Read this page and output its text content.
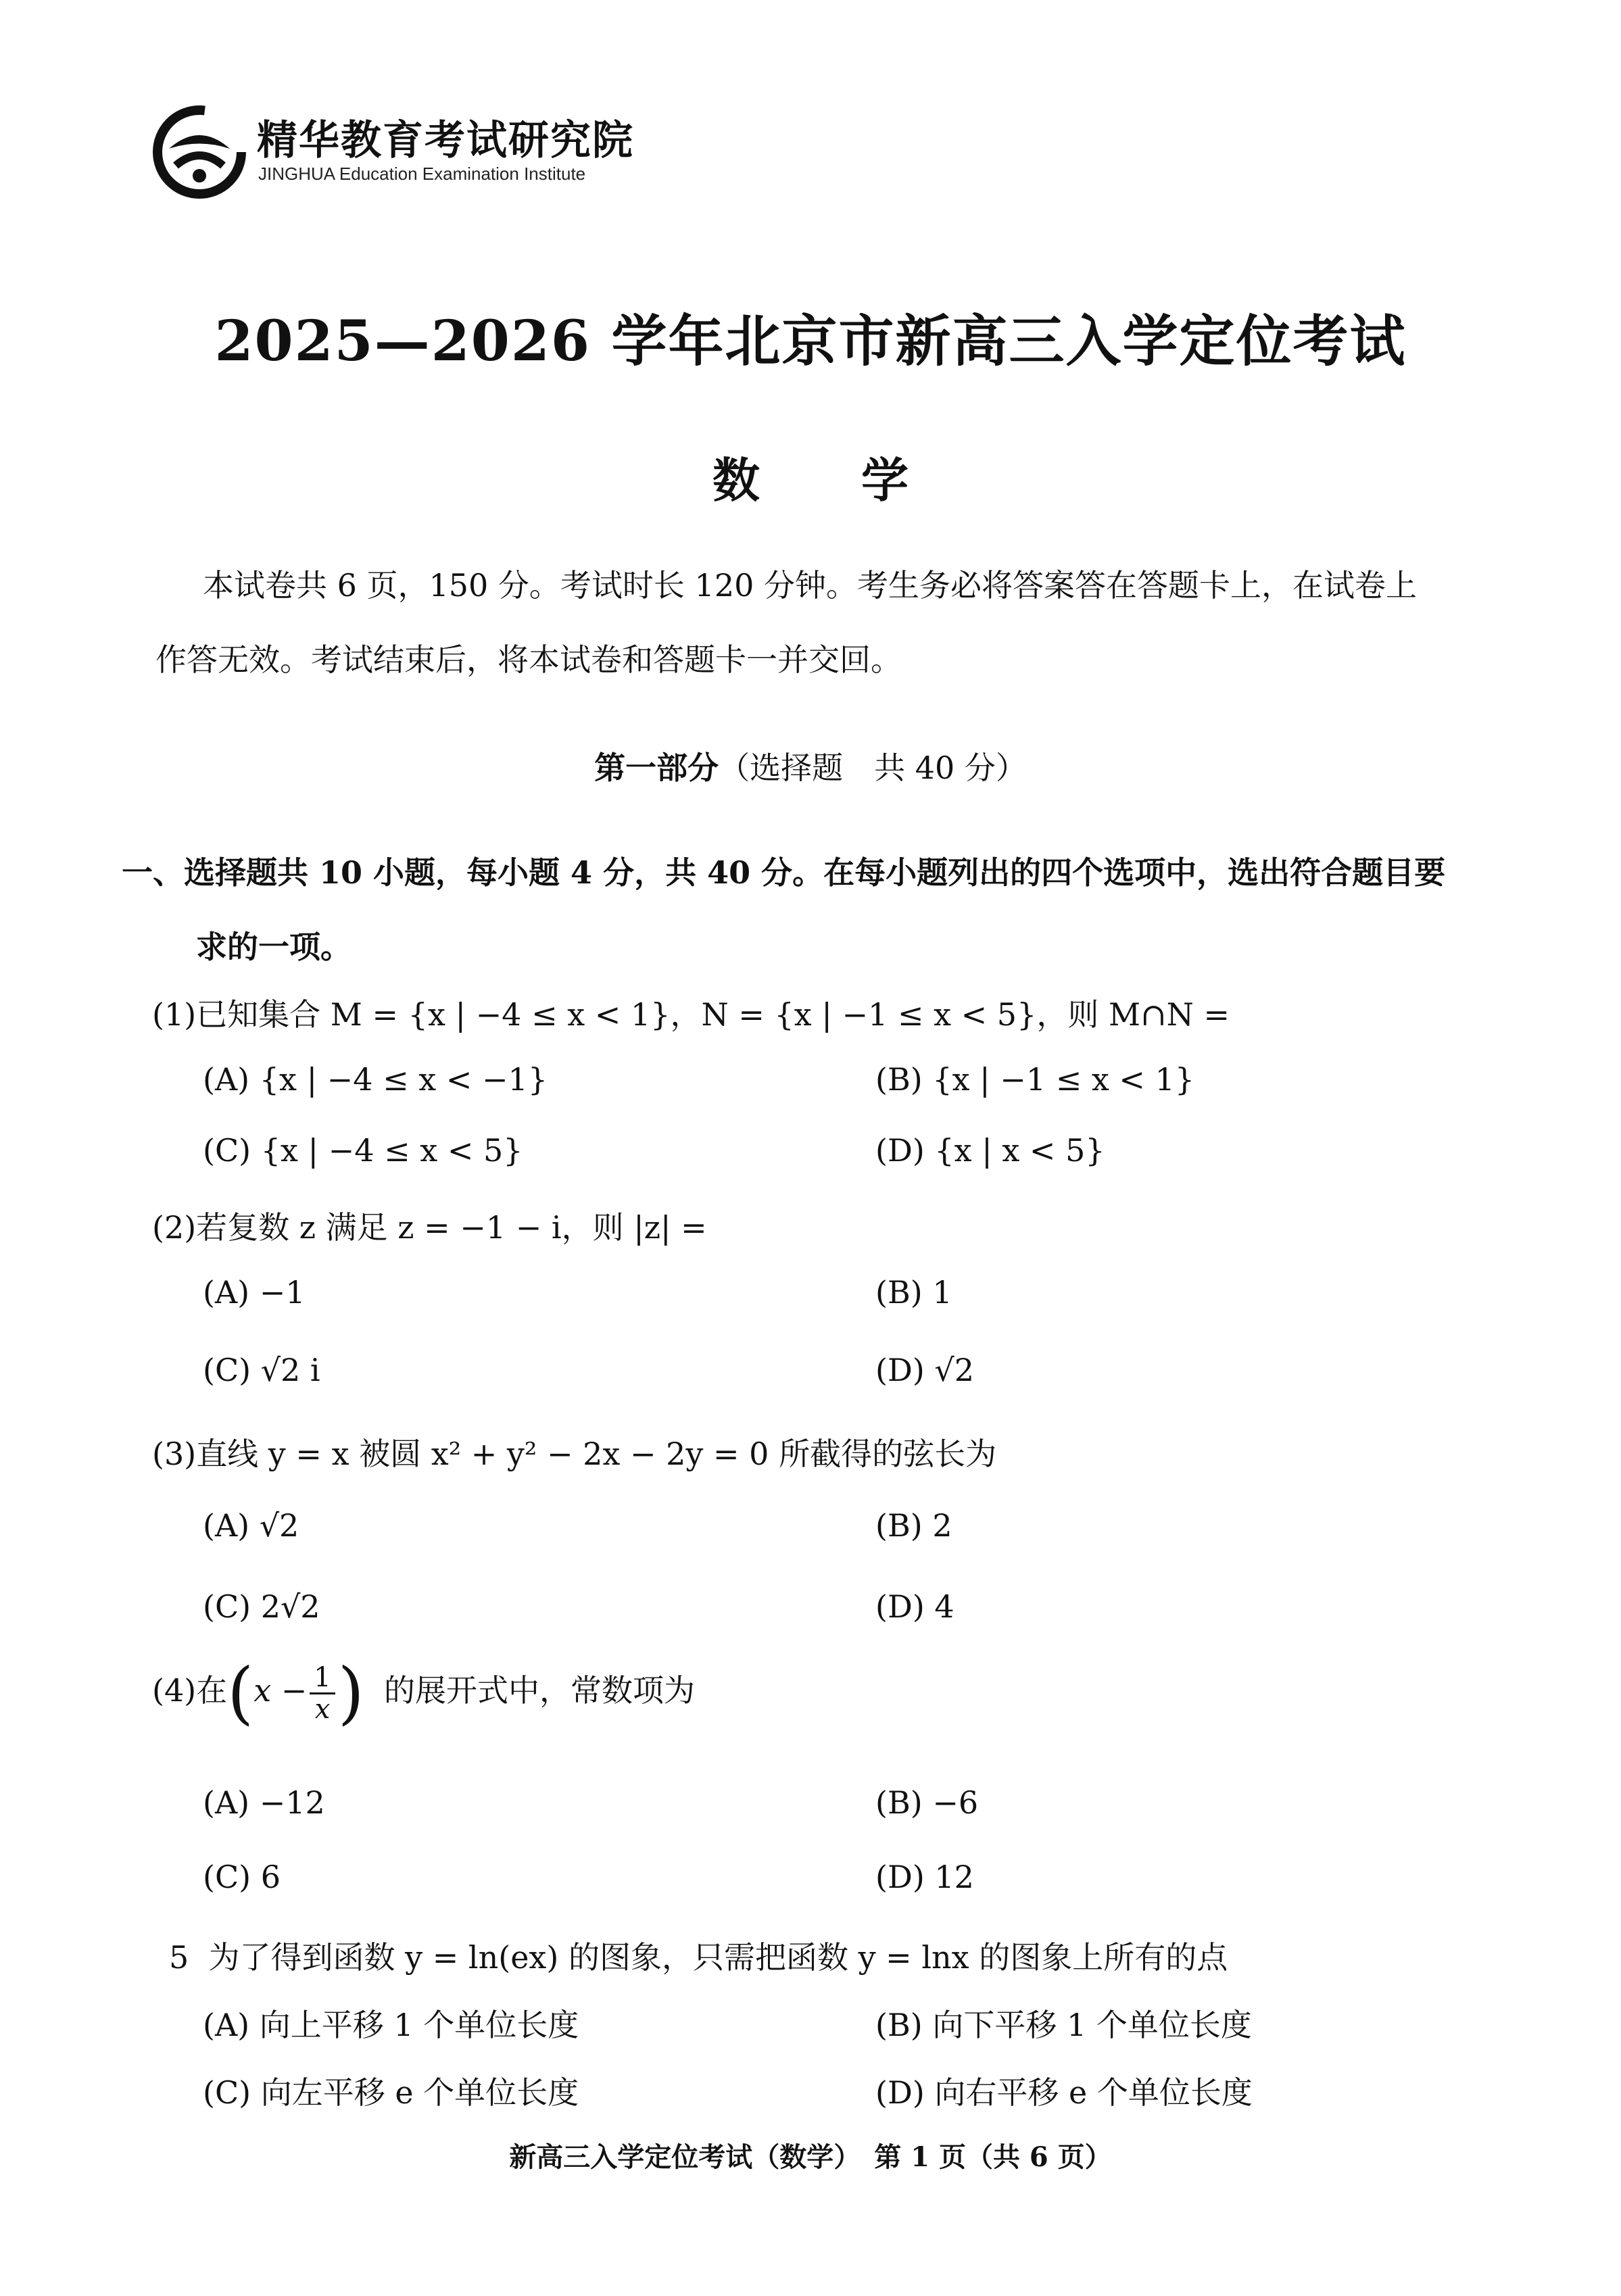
精华教育考试研究院
JINGHUA Education Examination Institute
2025—2026 学年北京市新高三入学定位考试
数学
本试卷共 6 页，150 分。考试时长 120 分钟。考生务必将答案答在答题卡上，在试卷上
作答无效。考试结束后，将本试卷和答题卡一并交回。
第一部分（选择题　共 40 分）
一、选择题共 10 小题，每小题 4 分，共 40 分。在每小题列出的四个选项中，选出符合题目要
求的一项。
(1)已知集合 M = {x | −4 ≤ x < 1}，N = {x | −1 ≤ x < 5}，则 M∩N =
(A) {x | −4 ≤ x < −1}	(B) {x | −1 ≤ x < 1}
(C) {x | −4 ≤ x < 5}	(D) {x | x < 5}
(2)若复数 z 满足 z = −1 − i，则 |z| =
(A) −1	(B) 1
(C) √2 i	(D) √2
(3)直线 y = x 被圆 x² + y² − 2x − 2y = 0 所截得的弦长为
(A) √2	(B) 2
(C) 2√2	(D) 4
(4)在($x - \frac{1}{x}$ ) 的展开式中，常数项为
(A) −12	(B) −6
(C) 6	(D) 12
5 为了得到函数 y = ln(ex) 的图象，只需把函数 y = lnx 的图象上所有的点
(A) 向上平移 1 个单位长度	(B) 向下平移 1 个单位长度
(C) 向左平移 e 个单位长度	(D) 向右平移 e 个单位长度
新高三入学定位考试（数学）　第 1 页（共 6 页）
